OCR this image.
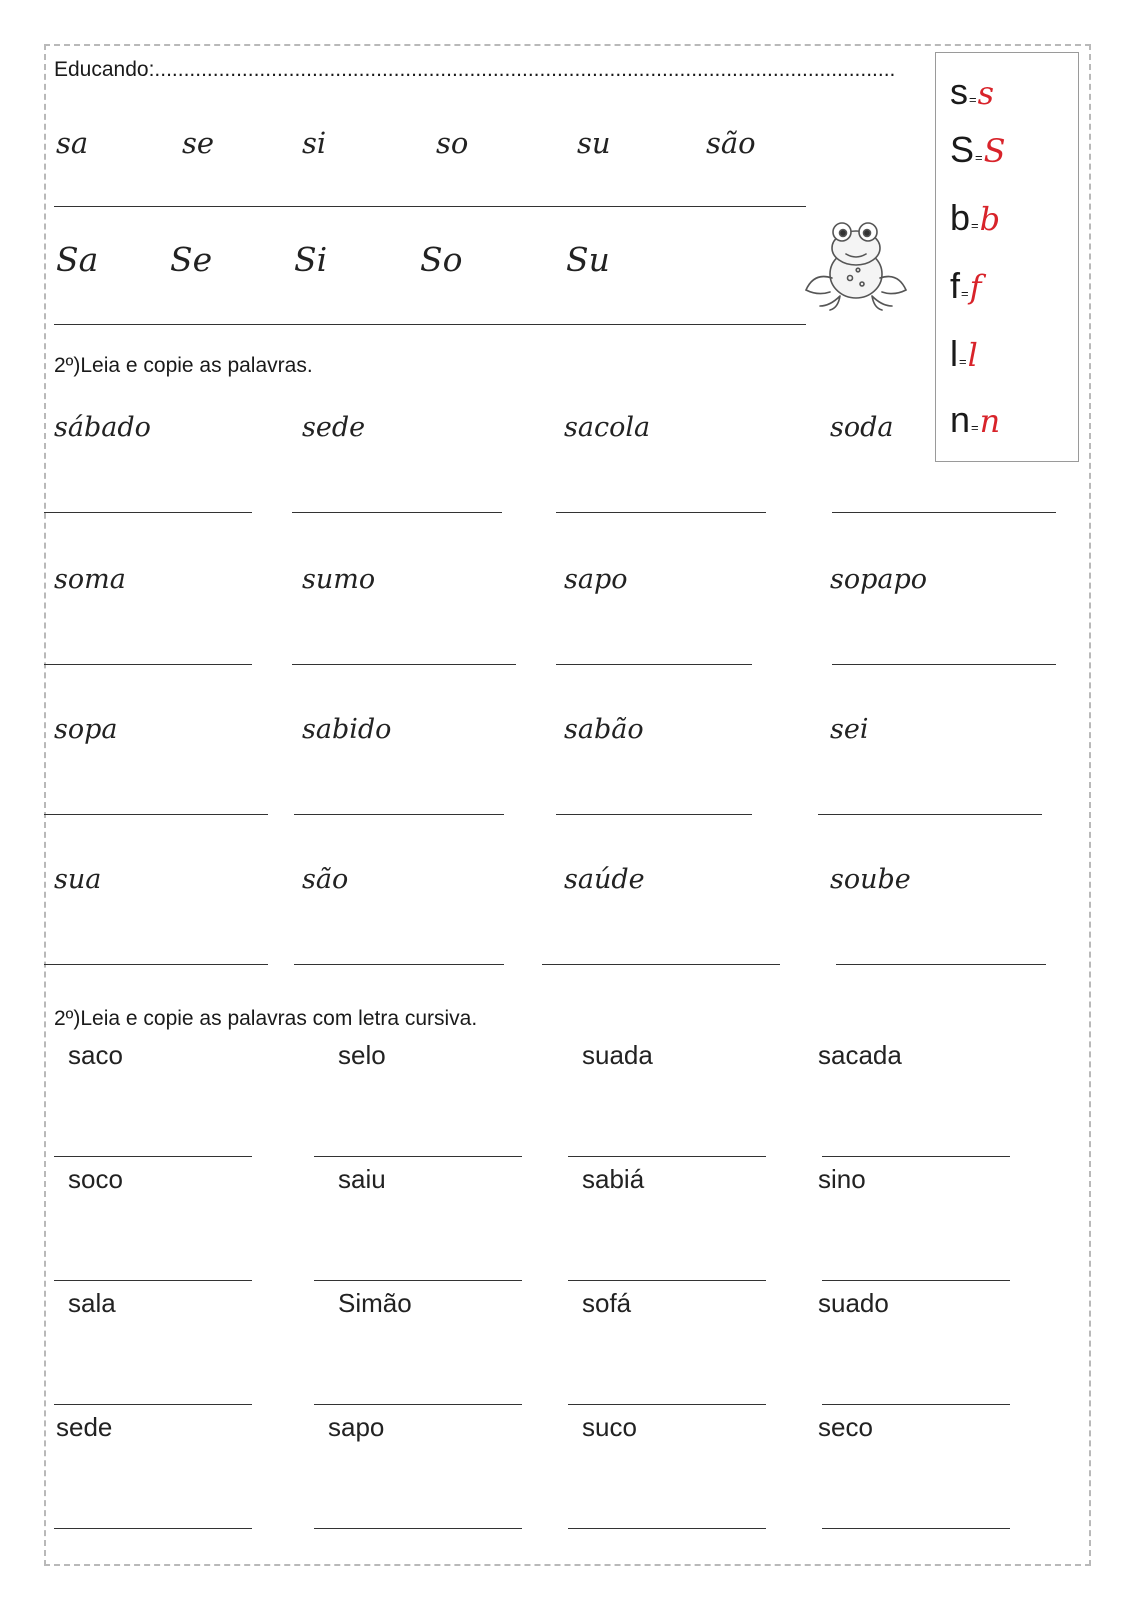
Educando:...............................................................................................................................
sa	se	si	so	su	são
Sa Se Si	So	Su
s=s
S=S
b=b
f=f
l=l
n=n
2º)Leia e copie as palavras.
sábado	sede	sacola	soda
soma	sumo	sapo	sopapo
sopa	sabido	sabão	sei
sua	são	saúde	soube
saco	selo	suada	sacada
soco	saiu	sabiá	sino
sala	Simão	sofá	suado
sede	sapo	suco	seco
2º)Leia e copie as palavras com letra cursiva.
